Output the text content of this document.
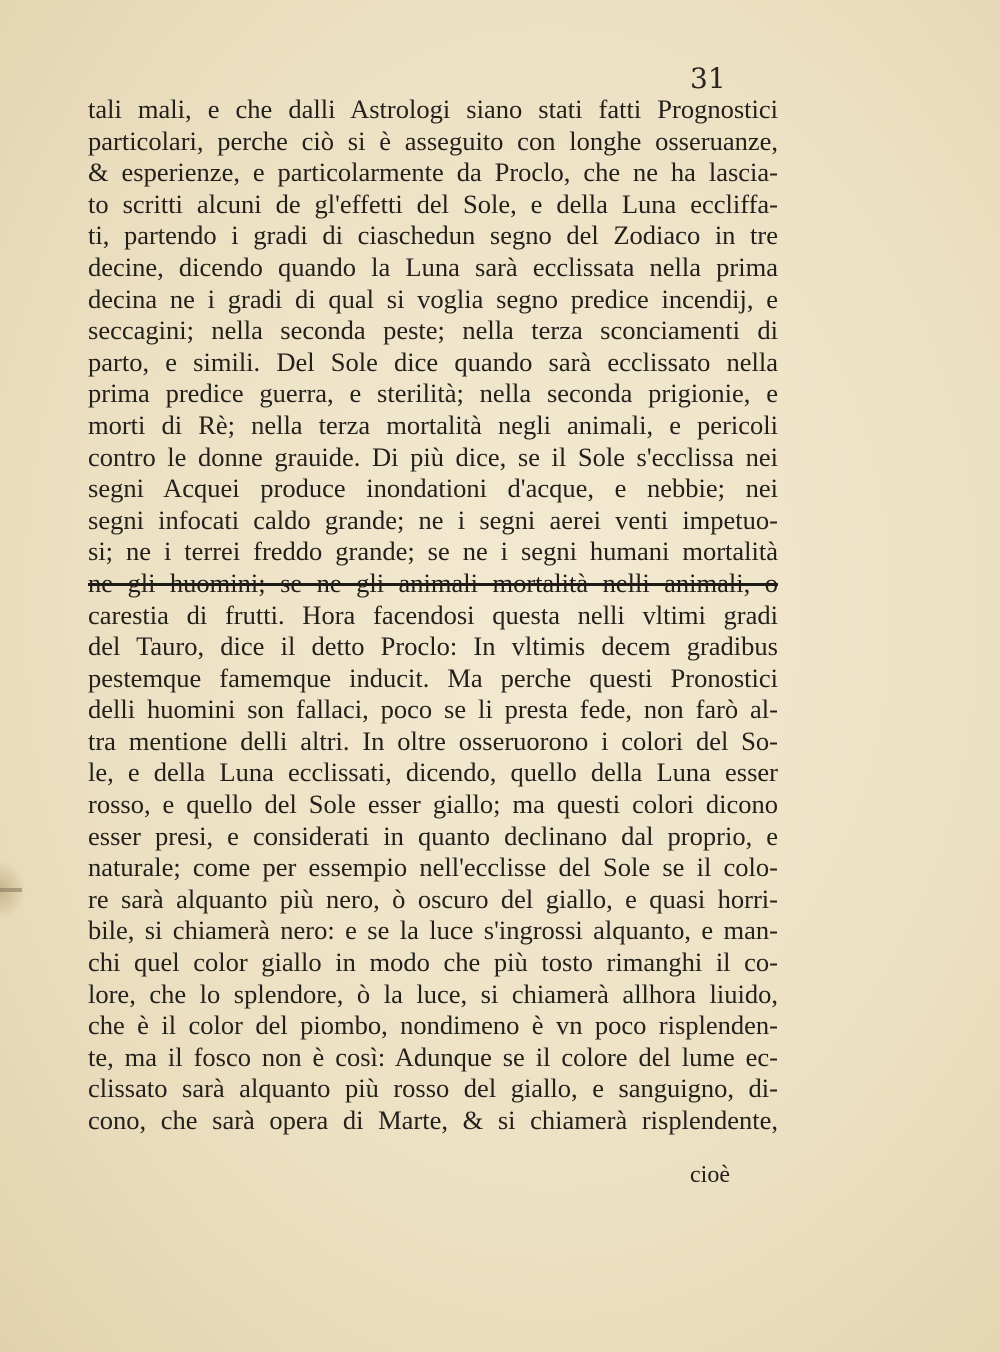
31
tali mali, e che dalli Astrologi siano stati fatti Prognostici
particolari, perche ciò si è asseguito con longhe osseruanze,
& esperienze, e particolarmente da Proclo, che ne ha lascia-
to scritti alcuni de gl'effetti del Sole, e della Luna eccliffa-
ti, partendo i gradi di ciaschedun segno del Zodiaco in tre
decine, dicendo quando la Luna sarà ecclissata nella prima
decina ne i gradi di qual si voglia segno predice incendij, e
seccagini; nella seconda peste; nella terza sconciamenti di
parto, e simili. Del Sole dice quando sarà ecclissato nella
prima predice guerra, e sterilità; nella seconda prigionie, e
morti di Rè; nella terza mortalità negli animali, e pericoli
contro le donne grauide. Di più dice, se il Sole s'ecclissa nei
segni Acquei produce inondationi d'acque, e nebbie; nei
segni infocati caldo grande; ne i segni aerei venti impetuo-
si; ne i terrei freddo grande; se ne i segni humani mortalità
ne gli huomini; se ne gli animali mortalità nelli animali, o
carestia di frutti. Hora facendosi questa nelli vltimi gradi
del Tauro, dice il detto Proclo: In vltimis decem gradibus
pestemque famemque inducit. Ma perche questi Pronostici
delli huomini son fallaci, poco se li presta fede, non farò al-
tra mentione delli altri. In oltre osseruorono i colori del So-
le, e della Luna ecclissati, dicendo, quello della Luna esser
rosso, e quello del Sole esser giallo; ma questi colori dicono
esser presi, e considerati in quanto declinano dal proprio, e
naturale; come per essempio nell'ecclisse del Sole se il colo-
re sarà alquanto più nero, ò oscuro del giallo, e quasi horri-
bile, si chiamerà nero: e se la luce s'ingrossi alquanto, e man-
chi quel color giallo in modo che più tosto rimanghi il co-
lore, che lo splendore, ò la luce, si chiamerà allhora liuido,
che è il color del piombo, nondimeno è vn poco risplenden-
te, ma il fosco non è così: Adunque se il colore del lume ec-
clissato sarà alquanto più rosso del giallo, e sanguigno, di-
cono, che sarà opera di Marte, & si chiamerà risplendente,
cioè
